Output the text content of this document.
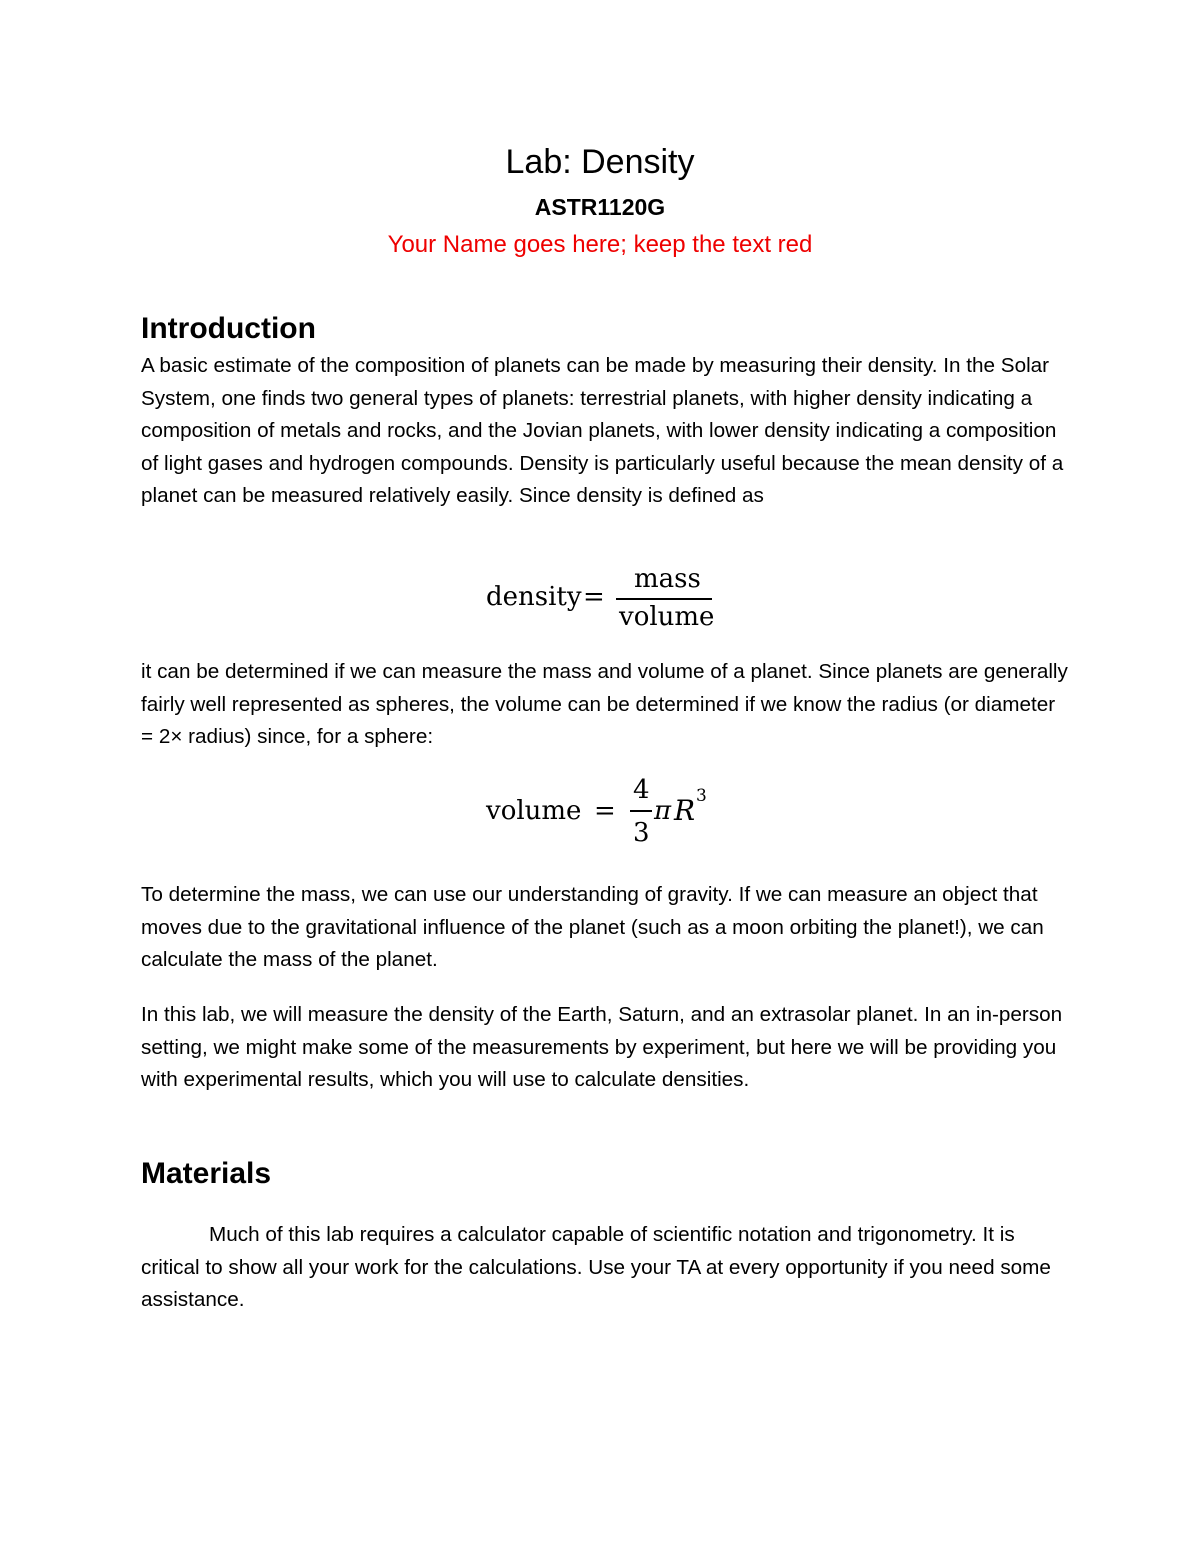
Lab: Density
ASTR1120G
Your Name goes here; keep the text red
Introduction

A basic estimate of the composition of planets can be made by measuring their density. In the Solar System, one finds two general types of planets: terrestrial planets, with higher density indicating a composition of metals and rocks, and the Jovian planets, with lower density indicating a composition of light gases and hydrogen compounds. Density is particularly useful because the mean density of a planet can be measured relatively easily. Since density is defined as

density =
mass
volume

it can be determined if we can measure the mass and volume of a planet. Since planets are generally fairly well represented as spheres, the volume can be determined if we know the radius (or diameter = 2× radius) since, for a sphere:

volume =
4
3
π R 3

To determine the mass, we can use our understanding of gravity. If we can measure an object that moves due to the gravitational influence of the planet (such as a moon orbiting the planet!), we can calculate the mass of the planet.

In this lab, we will measure the density of the Earth, Saturn, and an extrasolar planet. In an in-person setting, we might make some of the measurements by experiment, but here we will be providing you with experimental results, which you will use to calculate densities.

Materials

Much of this lab requires a calculator capable of scientific notation and trigonometry. It is critical to show all your work for the calculations. Use your TA at every opportunity if you need some assistance.
